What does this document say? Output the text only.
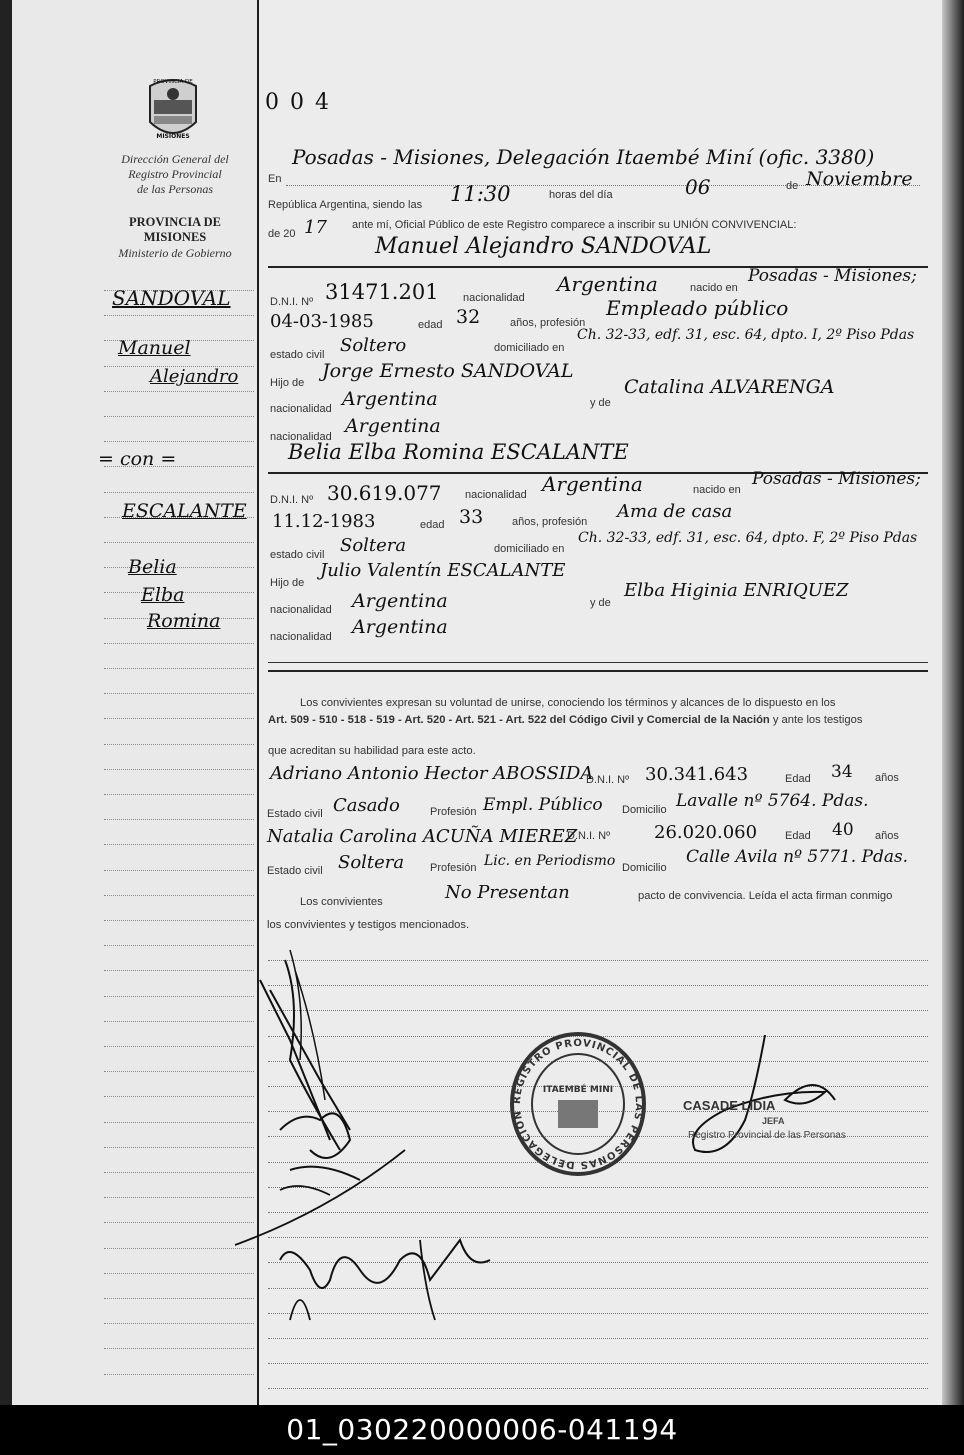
PROVINCIA DE
MISIONES
Dirección General del
Registro Provincial
de las Personas
PROVINCIA DE
MISIONES
Ministerio de Gobierno
SANDOVAL
Manuel
Alejandro
= con =
ESCALANTE
Belia
Elba
Romina
0 0 4
En
Posadas - Misiones, Delegación Itaembé Miní (ofic. 3380)
República Argentina, siendo las 11:30	horas del día	06	de Noviembre
de 20 17 ante mí, Oficial Público de este Registro comparece a inscribir su UNIÓN CONVIVENCIAL:
Manuel Alejandro SANDOVAL
D.N.I. Nº 31471.201 nacionalidad
Argentina	nacido en
Posadas - Misiones;
04-03-1985	edad 32	años, profesión
Empleado público
estado civil Soltero	domiciliado en
Ch. 32-33, edf. 31, esc. 64, dpto. I, 2º Piso Pdas
Hijo de
Jorge Ernesto SANDOVAL
nacionalidad Argentina	y de
Catalina ALVARENGA
nacionalidad Argentina
Belia Elba Romina ESCALANTE
D.N.I. Nº 30.619.077 nacionalidad Argentina	nacido en
Posadas - Misiones;
11.12-1983	edad 33	años, profesión Ama de casa
estado civil Soltera	domiciliado en
Ch. 32-33, edf. 31, esc. 64, dpto. F, 2º Piso Pdas
Hijo de
Julio Valentín ESCALANTE
nacionalidad Argentina	y de
Elba Higinia ENRIQUEZ
nacionalidad Argentina
Los convivientes expresan su voluntad de unirse, conociendo los términos y alcances de lo dispuesto en los
Art. 509 - 510 - 518 - 519 - Art. 520 - Art. 521 - Art. 522 del Código Civil y Comercial de la Nación y ante los testigos
que acreditan su habilidad para este acto.
Adriano Antonio Hector ABOSSIDA
D.N.I. Nº 30.341.643	Edad 34 años
Estado civil Casado	Profesión Empl. Público Domicilio Lavalle nº 5764. Pdas.
Natalia Carolina ACUÑA MIEREZ
D.N.I. Nº 26.020.060	Edad 40 años
Estado civil Soltera Profesión Lic. en Periodismo Domicilio
Calle Avila nº 5771. Pdas.
Los convivientes	No Presentan	pacto de convivencia. Leída el acta firman conmigo
los convivientes y testigos mencionados.
REGISTRO PROVINCIAL DE LAS PERSONAS DELEGACIÓN
ITAEMBÉ MINI
CASADE LIDIA
JEFA
Registro Provincial de las Personas
01_030220000006-041194
